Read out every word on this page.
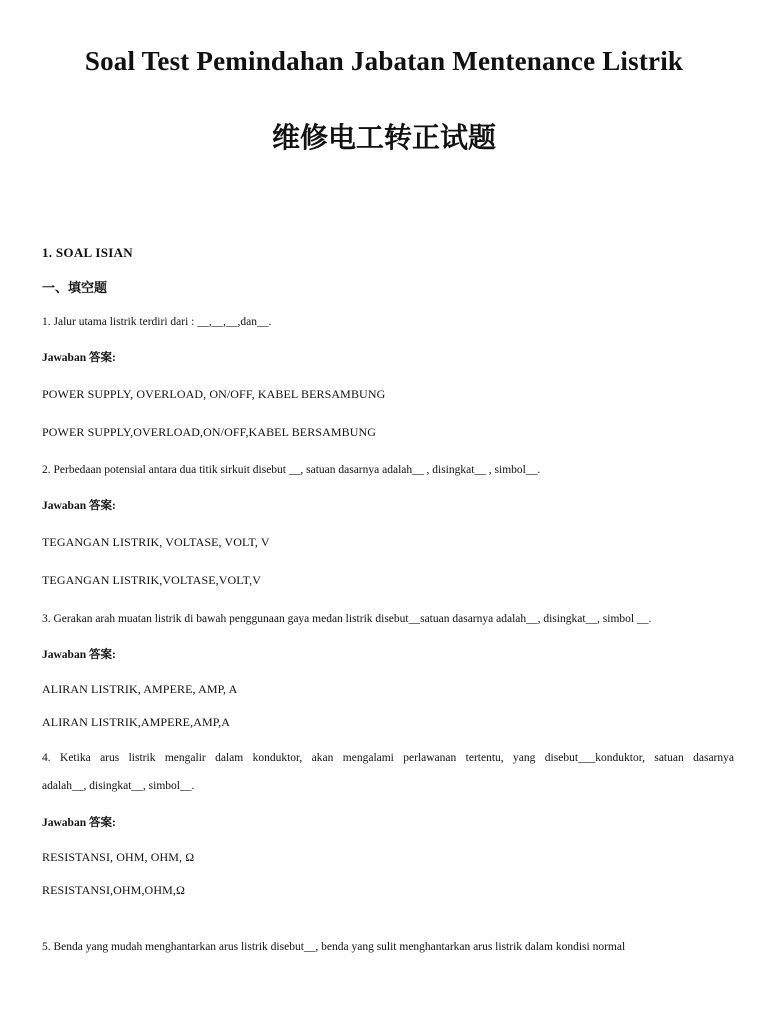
Soal Test Pemindahan Jabatan Mentenance Listrik
维修电工转正试题
1. SOAL ISIAN
一、填空题
1. Jalur utama listrik terdiri dari : __,__,__,dan__.
Jawaban 答案:
POWER SUPPLY, OVERLOAD, ON/OFF, KABEL BERSAMBUNG
POWER SUPPLY,OVERLOAD,ON/OFF,KABEL BERSAMBUNG
2. Perbedaan potensial antara dua titik sirkuit disebut __, satuan dasarnya adalah__ , disingkat__ , simbol__.
Jawaban 答案:
TEGANGAN LISTRIK, VOLTASE, VOLT, V
TEGANGAN LISTRIK,VOLTASE,VOLT,V
3. Gerakan arah muatan listrik di bawah penggunaan gaya medan listrik disebut__satuan dasarnya adalah__, disingkat__, simbol __.
Jawaban 答案:
ALIRAN LISTRIK, AMPERE, AMP, A
ALIRAN LISTRIK,AMPERE,AMP,A
4. Ketika arus listrik mengalir dalam konduktor, akan mengalami perlawanan tertentu, yang disebut___konduktor, satuan dasarnya
adalah__, disingkat__, simbol__.
Jawaban 答案:
RESISTANSI, OHM, OHM, Ω
RESISTANSI,OHM,OHM,Ω
5. Benda yang mudah menghantarkan arus listrik disebut__, benda yang sulit menghantarkan arus listrik dalam kondisi normal
